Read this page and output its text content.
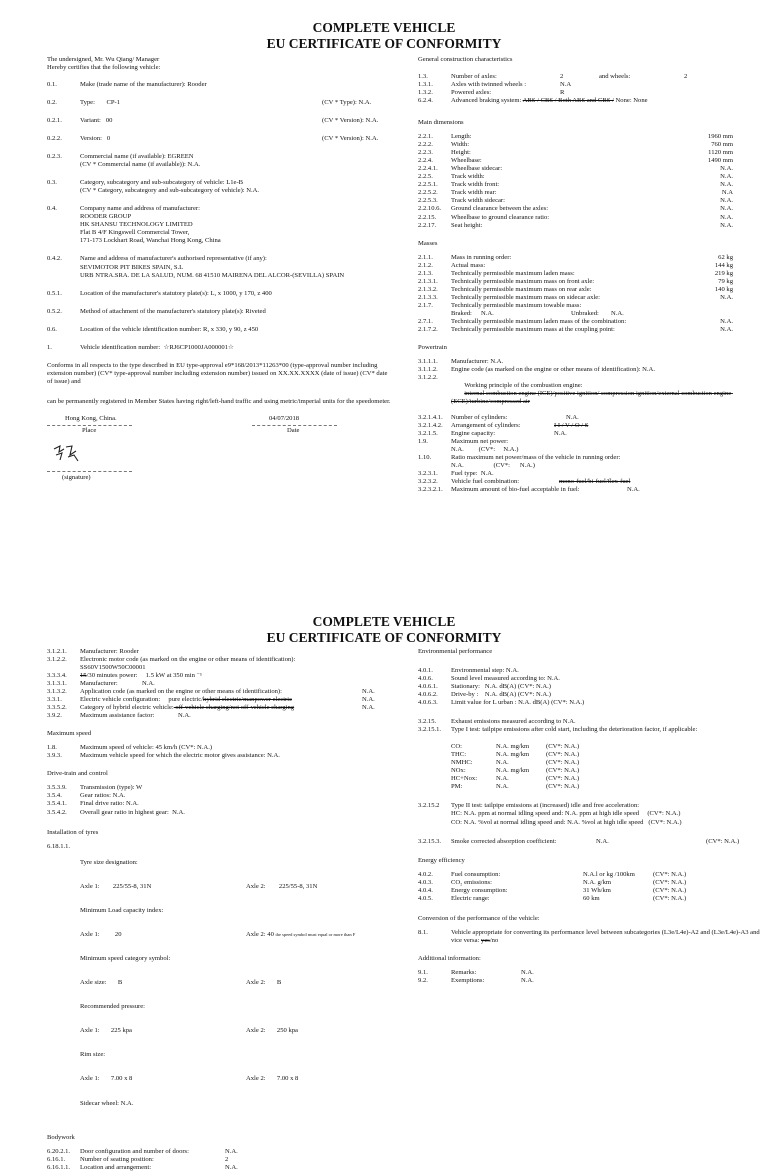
COMPLETE VEHICLE
EU CERTIFICATE OF CONFORMITY
The undersigned, Mr. Wu Qiang/ Manager
Hereby certifies that the following vehicle:
0.1.	Make (trade name of the manufacturer): Rooder
0.2.	Type:       CP-1	(CV * Type): N.A.
0.2.1.	Variant:   00	(CV * Version): N.A.
0.2.2.	Version:   0	(CV * Version): N.A.
0.2.3.	Commercial name (if available): EGREEN
(CV * Commercial name (if available)): N.A.
0.3.	Category, subcategory and sub-subcategory of vehicle: L1e-B
(CV * Category, subcategory and sub-subcategory of vehicle): N.A.
0.4.	Company name and address of manufacturer:
ROODER GROUP
HK SHANSU TECHNOLOGY LIMITED
Flat B 4/F Kingswell Commercial Tower,
171-173 Lockhart Road, Wanchai Hong Kong, China
0.4.2.	Name and address of manufacturer's authorised representative (if any):
SEVIMOTOR PIT BIKES SPAIN, S.L
URB NTRA.SRA. DE LA SALUD, NUM. 68 41510 MAIRENA DEL ALCOR-(SEVILLA) SPAIN
0.5.1.	Location of the manufacturer's statutory plate(s): L, x 1000, y 170, z 400
0.5.2.	Method of attachment of the manufacturer's statutory plate(s): Riveted
0.6.	Location of the vehicle identification number: R, x 330, y 90, z 450
1.	Vehicle identification number:  ☆RJ6CP1000JA000001☆
Conforms in all respects to the type described in EU type-approval e9*168/2013*11263*00 (type-approval number including extension number) (CV* type-approval number including extension number) issued on XX.XX.XXXX (date of issue) (CV* date of issue) and
can be permanently registered in Member States having right/left-hand traffic and using metric/imperial units for the speedometer.
Hong Kong, China.	04/07/2018
Place	Date
(signature)
General construction characteristics
1.3.	Number of axles:	2	and wheels:	2
1.3.1.	Axles with twinned wheels :	N.A
1.3.2.	Powered axles:	R
6.2.4.	Advanced braking system: ABS / CBS / Both ABS and CBS / None: None
Main dimensions
2.2.1.	Length:	1960 mm
2.2.2.	Width:	760 mm
2.2.3.	Height:	1120 mm
2.2.4.	Wheelbase:	1490 mm
2.2.4.1.	Wheelbase sidecar:	N.A.
2.2.5.	Track width:	N.A.
2.2.5.1.	Track width front:	N.A.
2.2.5.2.	Track width rear:	N.A
2.2.5.3.	Track width sidecar:	N.A.
2.2.10.6.	Ground clearance between the axles:	N.A.
2.2.15.	Wheelbase to ground clearance ratio:	N.A.
2.2.17.	Seat height:	N.A.
Masses
2.1.1.	Mass in running order:	62 kg
2.1.2.	Actual mass:	144 kg
2.1.3.	Technically permissible maximum laden mass:	219 kg
2.1.3.1.	Technically permissible maximum mass on front axle:	79 kg
2.1.3.2.	Technically permissible maximum mass on rear axle:	140 kg
2.1.3.3.	Technically permissible maximum mass on sidecar axle:	N.A.
2.1.7.	Technically permissible maximum towable mass:
Braked:	N.A.	Unbraked:	N.A.
2.7.1.	Technically permissible maximum laden mass of the combination:	N.A.
2.1.7.2.	Technically permissible maximum mass at the coupling point:	N.A.
Powertrain
3.1.1.1.	Manufacturer: N.A.
3.1.1.2.	Engine code (as marked on the engine or other means of identification): N.A.
3.1.2.2.

Working principle of the combustion engine:
internal combustion engine (ICE)/positive ignition/ compression ignition/external combustion engine (ECE)/turbine/compressed air

3.2.1.4.1.	Number of cylinders:	N.A.
3.2.1.4.2.	Arrangement of cylinders:	I I / V / O / S
3.2.1.5.	Engine capacity:	N.A.
1.9.	Maximum net power:
N.A.         (CV*:     N.A.)
1.10.	Ratio maximum net power/mass of the vehicle in running order:
N.A.                  (CV*:      N.A.)
3.2.3.1.	Fuel type:  N.A.
3.2.3.2.	Vehicle fuel combination:	mono-fuel/bi-fuel/flex-fuel
3.2.3.2.1.	Maximum amount of bio-fuel acceptable in fuel:	N.A.
COMPLETE VEHICLE
EU CERTIFICATE OF CONFORMITY
3.1.2.1.	Manufacturer: Rooder
3.1.2.2.	Electronic motor code (as marked on the engine or other means of identification):
SS60V1500W50C00001
3.3.3.4.	15/30 minutes power:     1.5 kW at 350 min ⁻¹
3.1.3.1.	Manufacturer:	N.A.
3.1.3.2.	Application code (as marked on the engine or other means of identification):	N.A.
3.3.1.	Electric vehicle configuration:     pure electric/hybrid electric/manpower electric	N.A.
3.3.5.2.	Category of hybrid electric vehicle: off-vehicle charging/not off-vehicle charging	N.A.
3.9.2.	Maximum assistance factor:	N.A.
Maximum speed
1.8.	Maximum speed of vehicle: 45 km/h (CV*: N.A.)
3.9.3.	Maximum vehicle speed for which the electric motor gives assistance: N.A.
Drive-train and control
3.5.3.9.	Transmission (type): W
3.5.4.	Gear ratios: N.A.
3.5.4.1.	Final drive ratio: N.A.
3.5.4.2.	Overall gear ratio in highest gear:  N.A.
Installation of tyres
6.18.1.1.

Tyre size designation:

Axle 1: 225/55-8, 31N	Axle 2: 225/55-8, 31N

Minimum Load capacity index:

Axle 1: 20	Axle 2: 40 the speed symbol must equal or more than F

Minimum speed category symbol:

Axle size: B	Axle 2: B

Recommended pressure:

Axle 1: 225 kpa	Axle 2: 250 kpa

Rim size:

Axle 1: 7.00 x 8	Axle 2: 7.00 x 8

Sidecar wheel: N.A.

Bodywork
6.20.2.1.	Door configuration and number of doors:	N.A.
6.16.1.	Number of seating position:	2
6.16.1.1.	Location and arrangement:	N.A.
Environmental performance
4.0.1.	Environmental step: N.A.
4.0.6.	Sound level measured according to: N.A.
4.0.6.1.	Stationary:   N.A. dB(A) (CV*: N.A.)
4.0.6.2.	Drive-by :    N.A. dB(A) (CV*: N.A.)
4.0.6.3.	Limit value for L urban : N.A. dB(A) (CV*: N.A.)
3.2.15.	Exhaust emissions measured according to N.A.
3.2.15.1.	Type I test: tailpipe emissions after cold start, including the deterioration factor, if applicable:
CO:	N.A. mg/km	(CV*: N.A.)
THC:	N.A. mg/km	(CV*: N.A.)
NMHC:	N.A.	(CV*: N.A.)
NOx:	N.A. mg/km	(CV*: N.A.)
HC+Nox:	N.A.	(CV*: N.A.)
PM:	N.A.	(CV*: N.A.)
3.2.15.2	Type II test: tailpipe emissions at (increased) idle and free acceleration:
HC: N.A. ppm at normal idling speed and: N.A. ppm at high idle speed     (CV*: N.A.)
CO: N.A. %vol at normal idling speed and: N.A. %vol at high idle speed   (CV*: N.A.)
3.2.15.3.	Smoke corrected absorption coefficient:	N.A.	(CV*: N.A.)
Energy efficiency
4.0.2.	Fuel consumption:	N.A.l or kg /100km	(CV*: N.A.)
4.0.3.	CO₂ emissions:	N.A. g/km	(CV*: N.A.)
4.0.4.	Energy consumption:	31 Wh/km	(CV*: N.A.)
4.0.5.	Electric range:	60 km	(CV*: N.A.)
Conversion of the performance of the vehicle:
8.1.	Vehicle appropriate for converting its performance level between subcategories (L3e/L4e)-A2 and (L3e/L4e)-A3 and vice versa: yes/no
Additional information:
9.1.	Remarks:	N.A.
9.2.	Exemptions:	N.A.
